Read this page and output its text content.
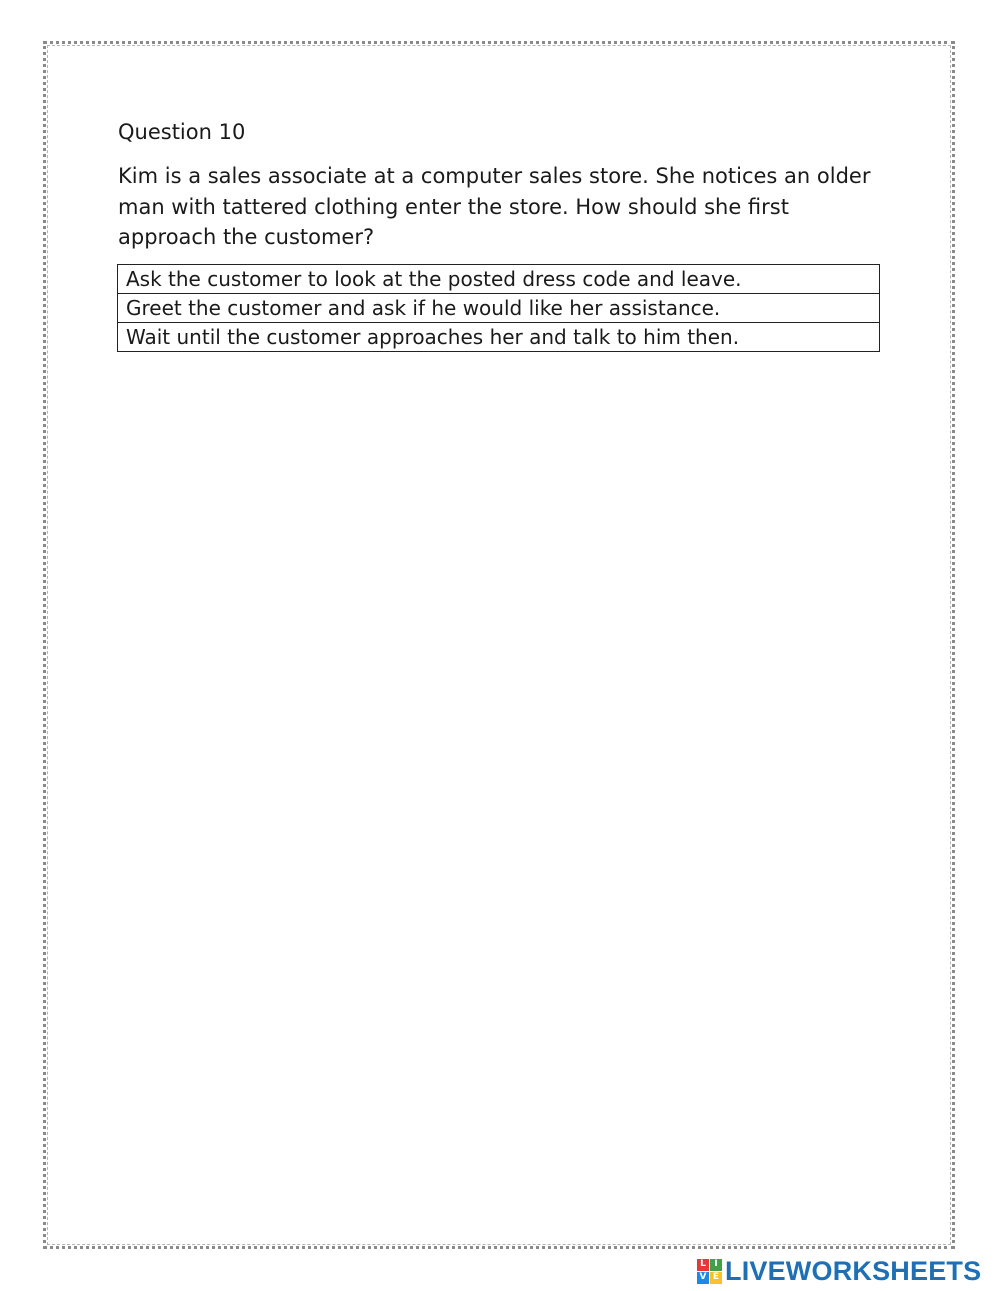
Question 10
Kim is a sales associate at a computer sales store. She notices an older man with tattered clothing enter the store. How should she first approach the customer?
Ask the customer to look at the posted dress code and leave.
Greet the customer and ask if he would like her assistance.
Wait until the customer approaches her and talk to him then.
L I
V E LIVEWORKSHEETS
